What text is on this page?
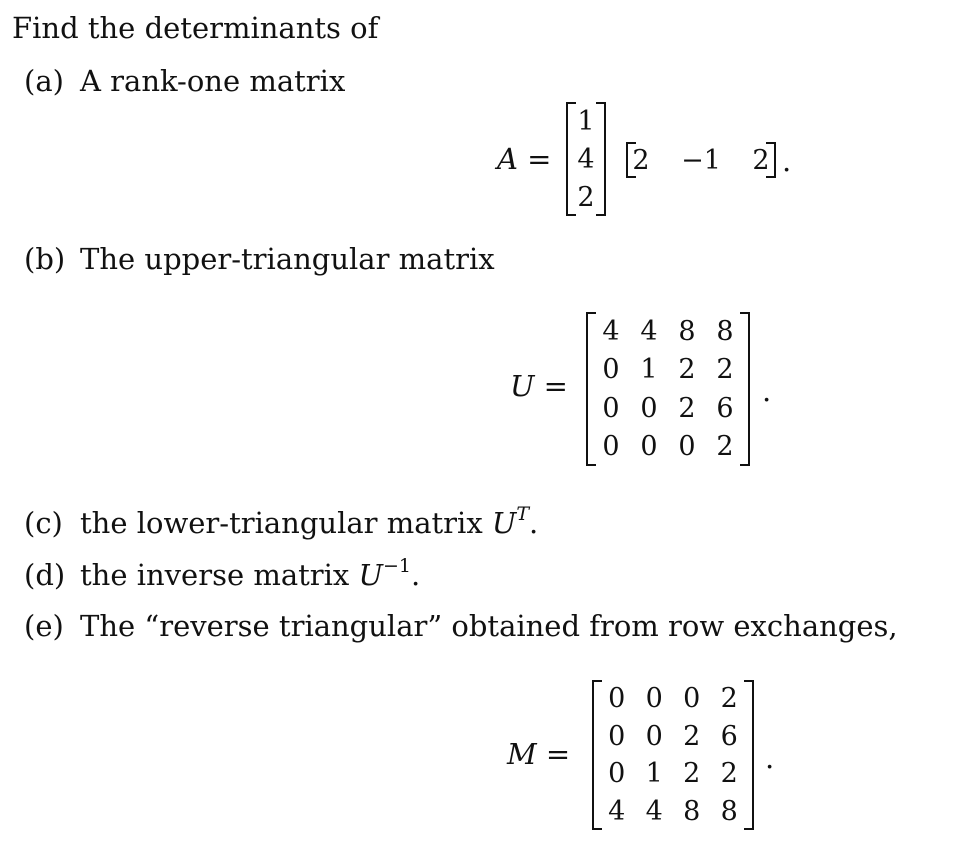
Find the determinants of
(a) A rank-one matrix
A =
1
4
2
2 −1 2 .
(b) The upper-triangular matrix
U =
4 4 8 8
0 1 2 2
0 0 2 6
0 0 0 2
.
(c) the lower-triangular matrix $U^T$.
(d) the inverse matrix $U^{-1}$.
(e) The “reverse triangular” obtained from row exchanges,
M =
0 0 0 2
0 0 2 6
0 1 2 2
4 4 8 8
.
